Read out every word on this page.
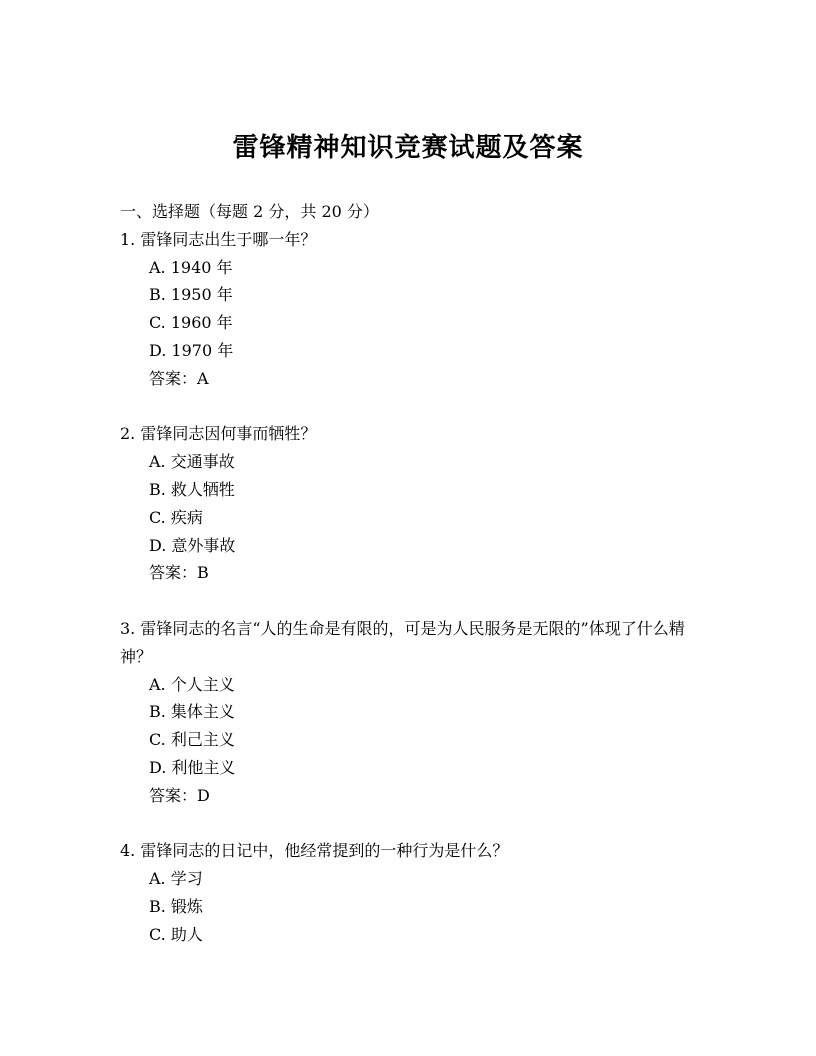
雷锋精神知识竞赛试题及答案
一、选择题（每题 2 分，共 20 分）
1. 雷锋同志出生于哪一年？
A. 1940 年
B. 1950 年
C. 1960 年
D. 1970 年
答案：A
2. 雷锋同志因何事而牺牲？
A. 交通事故
B. 救人牺牲
C. 疾病
D. 意外事故
答案：B
3. 雷锋同志的名言“人的生命是有限的，可是为人民服务是无限的”体现了什么精神？
A. 个人主义
B. 集体主义
C. 利己主义
D. 利他主义
答案：D
4. 雷锋同志的日记中，他经常提到的一种行为是什么？
A. 学习
B. 锻炼
C. 助人
